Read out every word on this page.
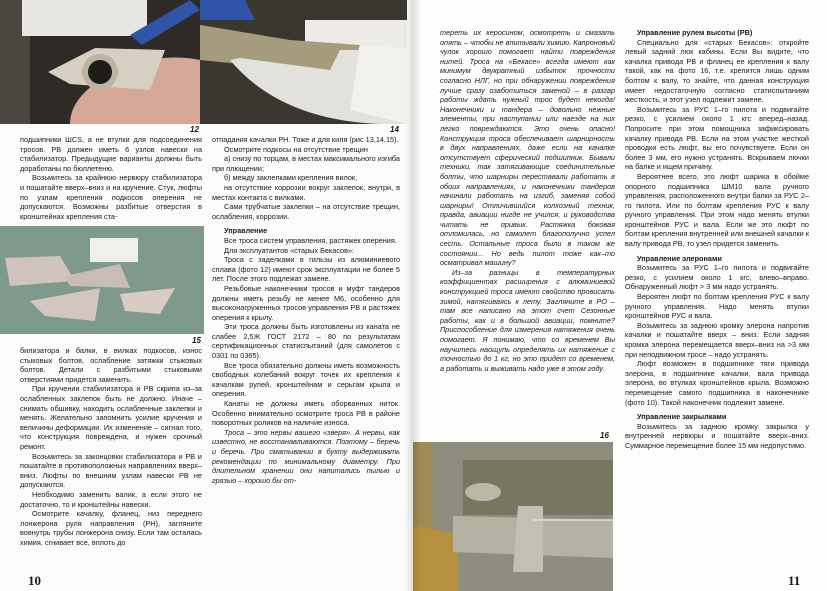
12	14
15
16

подшипники ШСS, а не втулки для подсоединения тросов. РВ должен иметь 6 узлов навески на стабилизатор. Предыдущие варианты должны быть доработаны по бюллетеню.

Возьмитесь за крайнюю нервюру стабилизатора и пошатайте вверх–вниз и на кручение. Стук, люфты по узлам крепления подкосов оперения не допускаются. Возможны разбитые отверстия в кронштейнах крепления ста-

билизатора и балки, в вилках подкосов, износ стыковых болтов, ослабление затяжки стыковых болтов. Детали с разбитыми стыковыми отверстиями придется заменить.

При кручении стабилизатора и РВ скрипа из–за ослабленных заклепок быть не должно. Иначе – снимать обшивку, находить ослабленные заклепки и менять. Желательно запомнить усилие кручения и величины деформации. Их изменение – сигнал того, что конструкция повреждена, и нужен срочный ремонт.

Возьмитесь за законцовки стабилизатора и РВ и пошатайте в противоположных направлениях вверх–вниз. Люфты по внешним узлам навески РВ не допускаются.

Необходимо заменить валик, а если этого не достаточно, то и кронштейны навески.

Осмотрите качалку, фланец, низ переднего лонжерона руля направления (РН), загляните вовнутрь трубы лонжерона снизу. Если там осталась химия, сгнивает все, вплоть до

10

отпадания качалки РН. Тоже и для киля (рис 13,14,15).

Осмотрите подкосы на отсутствие трещин

а) снизу по торцам, в местах максимального изгиба при плющении;

б) между заклепками крепления вилок,

на отсутствие коррозии вокруг заклепок, внутри, в местах контакта с вилками.

Сами трубчатые заклепки – на отсутствие трещин, ослабления, коррозии.

Управление

Все троса систем управления, растяжек оперения.

Для эксплуатантов «старых Бекасов»:

Троса с заделками в гильзы из алюминиевого сплава (фото 12) имеют срок эксплуатации не более 5 лет. После этого подлежат замене.

Резьбовые наконечники тросов и муфт тандеров должны иметь резьбу не менее М6, особенно для высоконагруженных тросов управления РВ и растяжек оперения к крылу.

Эти троса должны быть изготовлены из каната не слабее 2,5Ж ГОСТ 2172 – 80 по результатам сертификационных статиспытаний (для самолетов с 0301 по 0365).

Все троса обязательно должны иметь возможность свободных колебаний вокруг точек их крепления к качалкам рулей, кронштейнам и серьгам крыла и оперения.

Канаты не должны иметь оборванных ниток. Особенно внимательно осмотрите троса РВ в районе поворотных роликов на наличие износа.

Троса – это нервы вашего «зверя». А нервы, как известно, не восстанавливаются. Поэтому – беречь и беречь. При сматывании в бухту выдерживать рекомендации по минимальному диаметру. При длительном хранении они напитались пылью и грязью – хорошо бы от-

тереть их керосином, осмотреть и смазать опять – чтобы не впитывали химию. Капроновый чулок хорошо помогает найти повреждения нитей. Троса на «Бекасе» всегда имеют как минимум двукратный избыток прочности согласно НЛГ, но при обнаружении повреждения лучше сразу озаботиться заменой – в разгар работы ждать нужный трос будет некогда! Наконечники и тандера – довольно нежные элементы, при наступании или наезде на них легко повреждаются. Это очень опасно! Конструкция троса обеспечивает шарнирность в двух направлениях, даже если на качалке отсутствует сферический подшипник. Бывали техники, так затягивающие соединительные болты, что шарниры переставали работать в обоих направлениях, и наконечники тандеров начинали работать на изгиб, заменяя собой шарниры! Отличившийся колхозный техник, правда, авиации нигде не учился, и руководства читать не привык. Растяжка боковая отломилась, но самолет благополучно успел сесть. Остальные троса были в таком же состоянии... Но ведь пилот тоже как–то осматривал машину?

Из–за разницы в температурных коэффициентах расширения с алюминиевой конструкцией троса имеют свойство провисать зимой, натягиваясь к лету. Загляните в РО – там все написано на этот счет Сезонные работы, как и в большой авиации, помните? Приспособление для измерения натяжения очень помогает. Я понимаю, что со временем Вы научитесь наощупь определять их натяжение с точностью до 1 кг, но это придет со временем, а работать и выживать надо уже в этом году.

Управление рулем высоты (РВ)

Специально для «старых Бекасов»: откройте левый задний люк кабины. Если Вы видите, что качалка привода РВ и фланец ее крепления к валу такой, как на фото 16, т.е. крепится лишь одним болтом к валу, то знайте, что данная конструкция имеет недостаточную согласно статиспытаниям жесткость, и этот узел подлежит замене.

Возьмитесь за РУС 1–го пилота и подвигайте резко, с усилием около 1 кгс вперед–назад. Попросите при этом помощника зафиксировать качалку привода РВ. Если на этом участке жесткой проводки есть люфт, вы его почувствуете. Если он более 3 мм, его нужно устранять. Вскрываем лючки на балке и ищем причину.

Вероятнее всего, это люфт шарика в обойме опорного подшипника ШМ10 вала ручного управления, расположенного внутри балки за РУС 2–го пилота. Или по болтам крепления РУС к валу ручного управления. При этом надо менять втулки кронштейнов РУС и вала. Если же это люфт по болтам крепления внутренней или внешней качалки к валу привода РВ, то узел придется заменить.

Управление элеронами

Возьмитесь за РУС 1–го пилота и подвигайте резко, с усилием около 1 кгс, влево–вправо. Обнаруженный люфт > 3 мм надо устранять.

Вероятен люфт по болтам крепления РУС к валу ручного управления. Надо менять втулки кронштейнов РУС и вала.

Возьмитесь за заднюю кромку элерона напротив качалки и пошатайте вверх – вниз. Если задняя кромка элерона перемещается вверх–вниз на >3 мм при неподвижном тросе – надо устранять.

Люфт возможен в подшипнике тяги привода элерона, в подшипнике качалки, вала привода элерона, во втулках кронштейнов крыла. Возможно перемещение самого подшипника в наконечнике (фото 10). Такой наконечник подлежит замене.

Управление закрылками

Возьмитесь за заднюю кромку закрылка у внутренней нервюры и пошатайте вверх–вниз. Суммарное перемещение более 15 мм недопустимо.

11
